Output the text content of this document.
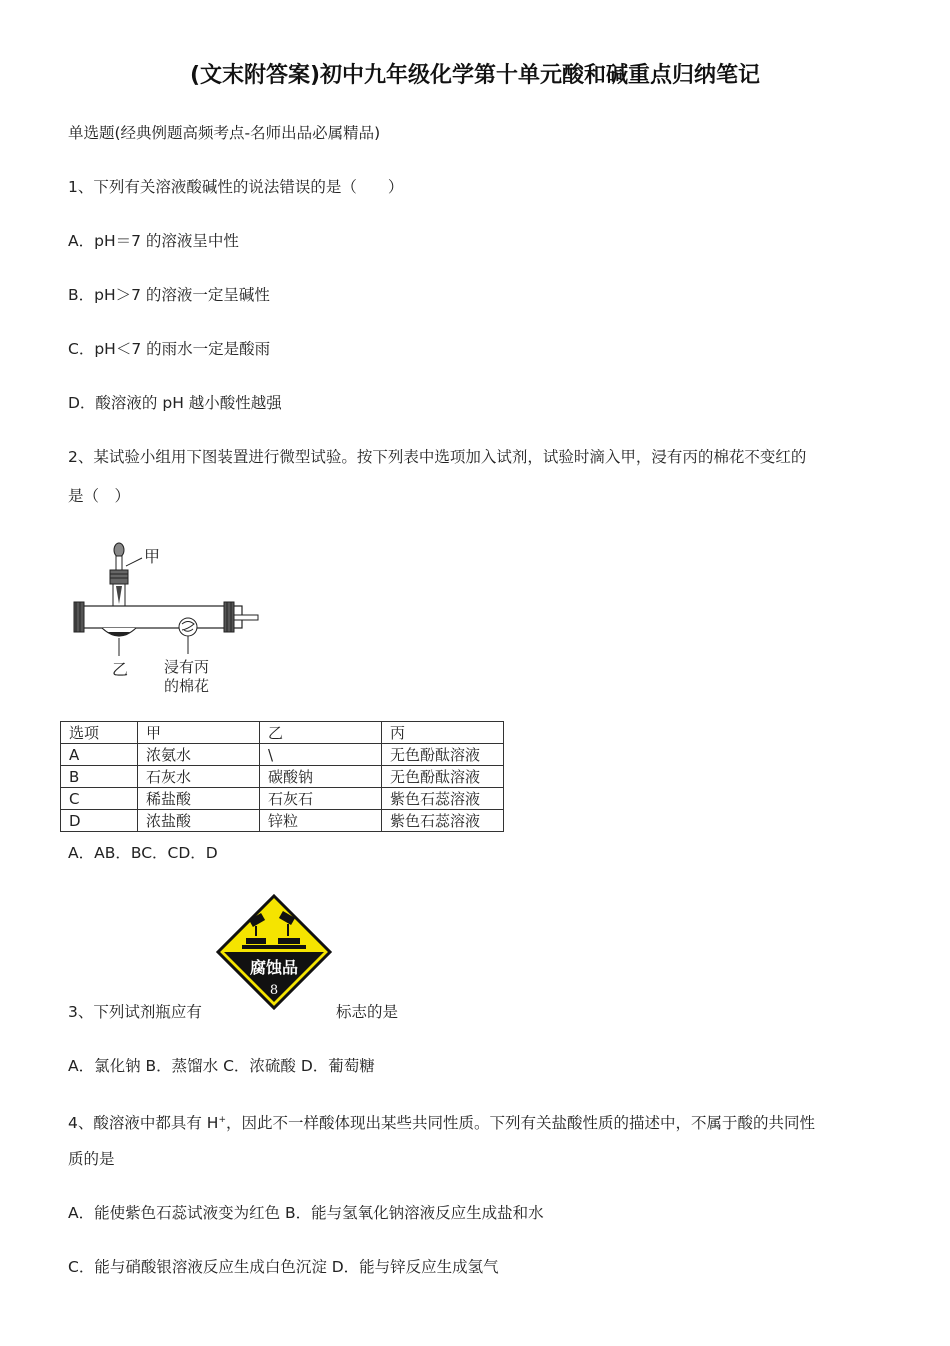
(文末附答案)初中九年级化学第十单元酸和碱重点归纳笔记
单选题(经典例题高频考点-名师出品必属精品)
1、下列有关溶液酸碱性的说法错误的是（　　）
A．pH＝7 的溶液呈中性
B．pH＞7 的溶液一定呈碱性
C．pH＜7 的雨水一定是酸雨
D．酸溶液的 pH 越小酸性越强
2、某试验小组用下图装置进行微型试验。按下列表中选项加入试剂，试验时滴入甲，浸有丙的棉花不变红的
是（　）
甲
乙 浸有丙
的棉花
选项	甲	乙	丙
A	浓氨水	\	无色酚酞溶液
B	石灰水	碳酸钠	无色酚酞溶液
C	稀盐酸	石灰石	紫色石蕊溶液
D	浓盐酸	锌粒	紫色石蕊溶液
A．AB．BC．CD．D
腐蚀品
8
3、下列试剂瓶应有	标志的是
A．氯化钠 B．蒸馏水 C．浓硫酸 D．葡萄糖
4、酸溶液中都具有 H+，因此不一样酸体现出某些共同性质。下列有关盐酸性质的描述中，不属于酸的共同性
质的是
A．能使紫色石蕊试液变为红色 B．能与氢氧化钠溶液反应生成盐和水
C．能与硝酸银溶液反应生成白色沉淀 D．能与锌反应生成氢气
